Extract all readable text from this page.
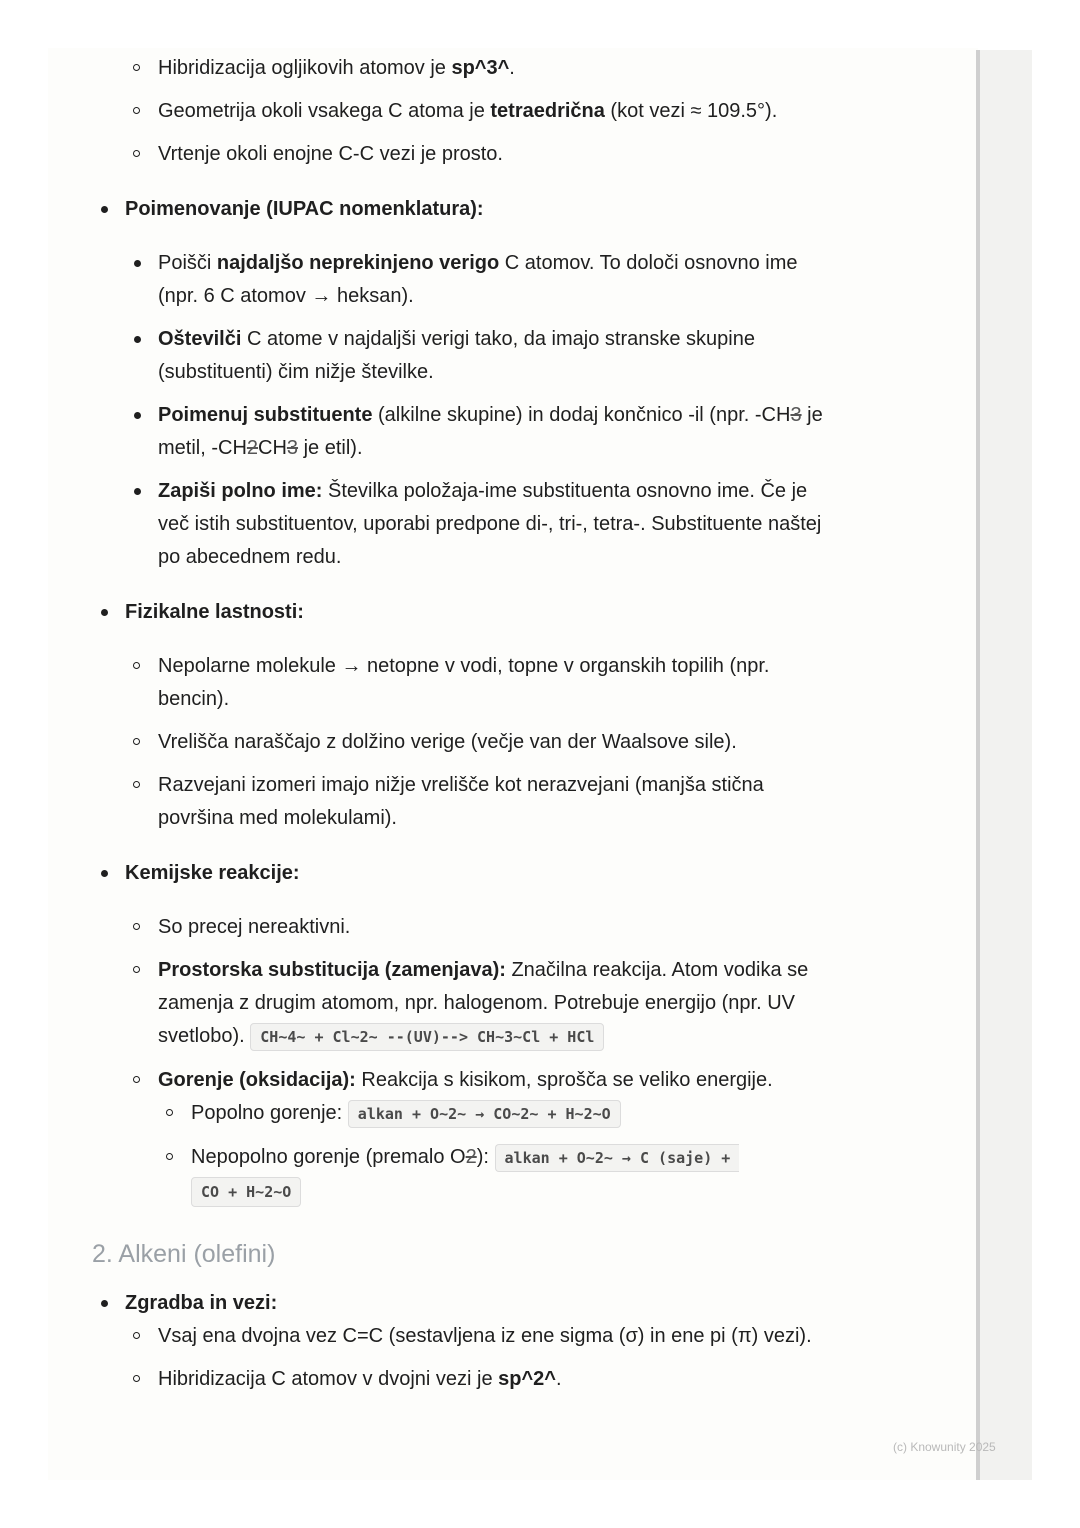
Hibridizacija ogljikovih atomov je sp^3^.
Geometrija okoli vsakega C atoma je tetraedrična (kot vezi ≈ 109.5°).
Vrtenje okoli enojne C-C vezi je prosto.
Poimenovanje (IUPAC nomenklatura):
Poišči najdaljšo neprekinjeno verigo C atomov. To določi osnovno ime (npr. 6 C atomov → heksan).
Oštevilči C atome v najdaljši verigi tako, da imajo stranske skupine (substituenti) čim nižje številke.
Poimenuj substituente (alkilne skupine) in dodaj končnico -il (npr. -CH3 je metil, -CH2CH3 je etil).
Zapiši polno ime: Številka položaja-ime substituenta osnovno ime. Če je več istih substituentov, uporabi predpone di-, tri-, tetra-. Substituente naštej po abecednem redu.
Fizikalne lastnosti:
Nepolarne molekule → netopne v vodi, topne v organskih topilih (npr. bencin).
Vrelišča naraščajo z dolžino verige (večje van der Waalsove sile).
Razvejani izomeri imajo nižje vrelišče kot nerazvejani (manjša stična površina med molekulami).
Kemijske reakcije:
So precej nereaktivni.
Prostorska substitucija (zamenjava): Značilna reakcija. Atom vodika se zamenja z drugim atomom, npr. halogenom. Potrebuje energijo (npr. UV svetlobo). CH~4~ + Cl~2~ --(UV)--> CH~3~Cl + HCl
Gorenje (oksidacija): Reakcija s kisikom, sprošča se veliko energije.
Popolno gorenje: alkan + O~2~ → CO~2~ + H~2~O
Nepopolno gorenje (premalo O2): alkan + O~2~ → C (saje) +
CO + H~2~O
2. Alkeni (olefini)
Zgradba in vezi:
Vsaj ena dvojna vez C=C (sestavljena iz ene sigma (σ) in ene pi (π) vezi).
Hibridizacija C atomov v dvojni vezi je sp^2^.
(c) Knowunity 2025
